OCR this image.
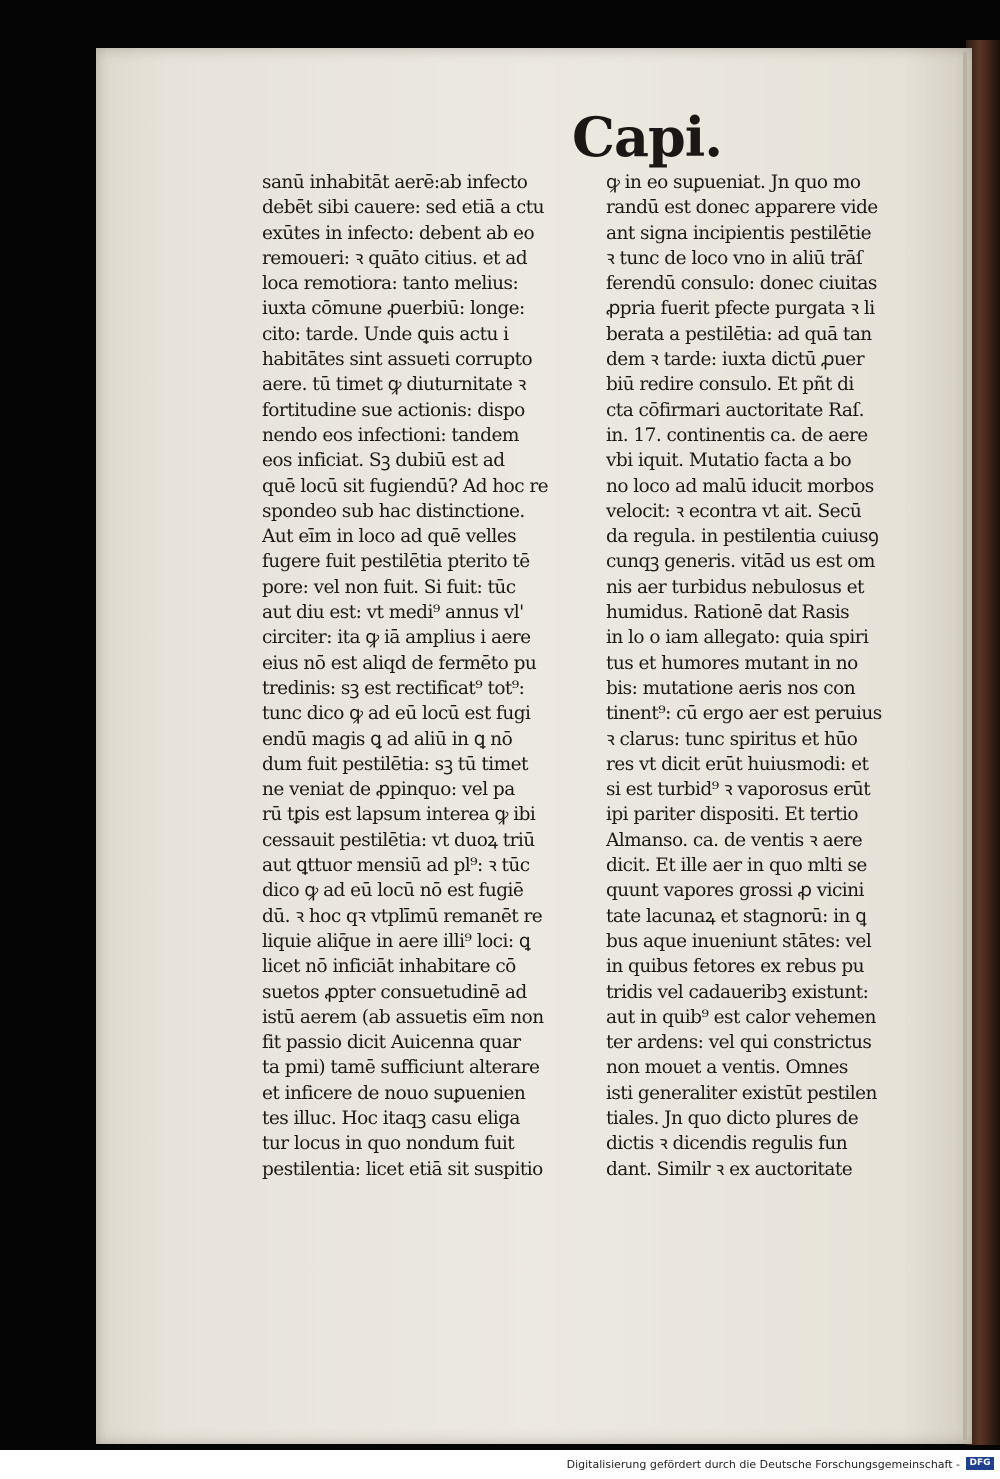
Capi.
sanū inhabitāt aerē:ab infecto
debēt sibi cauere: sed etiā a ctu
exūtes in infecto: debent ab eo
remoueri: ꝛ quāto citius. et ad
loca remotiora: tanto melius:
iuxta cōmune ꝓuerbiū: longe:
cito: tarde. Unde ꝗuis actu i
habitātes sint assueti corrupto
aere. tū timet ꝙ diuturnitate ꝛ
fortitudine sue actionis: dispo
nendo eos infectioni: tandem
eos inficiat. Sꝫ dubiū est ad
quē locū sit fugiendū? Ad hoc re
spondeo sub hac distinctione.
Aut eīm in loco ad quē velles
fugere fuit pestilētia pterito tē
pore: vel non fuit. Si fuit: tūc
aut diu est: vt medi⁹ annus vl'
circiter: ita ꝙ iā amplius i aere
eius nō est aliqd de fermēto pu
tredinis: sꝫ est rectificat⁹ tot⁹:
tunc dico ꝙ ad eū locū est fugi
endū magis ꝗ ad aliū in ꝗ nō
dum fuit pestilētia: sꝫ tū timet
ne veniat de ꝓpinquo: vel pa
rū tꝑis est lapsum interea ꝙ ibi
cessauit pestilētia: vt duoꝝ triū
aut ꝗttuor mensiū ad pl⁹: ꝛ tūc
dico ꝙ ad eū locū nō est fugiē
dū. ꝛ hoc qꝛ vtplīmū remanēt re
liquie aliq̄ue in aere illi⁹ loci: ꝗ
licet nō inficiāt inhabitare cō
suetos ꝓpter consuetudinē ad
istū aerem (ab assuetis eīm non
fit passio dicit Auicenna quar
ta pmi) tamē sufficiunt alterare
et inficere de nouo suꝑuenien
tes illuc. Hoc itaqꝫ casu eliga
tur locus in quo nondum fuit
pestilentia: licet etiā sit suspitio
ꝙ in eo suꝑueniat. Jn quo mo
randū est donec apparere vide
ant signa incipientis pestilētie
ꝛ tunc de loco vno in aliū trāſ
ferendū consulo: donec ciuitas
ꝓpria fuerit pfecte purgata ꝛ li
berata a pestilētia: ad quā tan
dem ꝛ tarde: iuxta dictū ꝓuer
biū redire consulo. Et pñt di
cta cōfirmari auctoritate Raſ.
in. 17. continentis ca. de aere
vbi iquit. Mutatio facta a bo
no loco ad malū iducit morbos
velocit: ꝛ econtra vt ait. Secū
da regula. in pestilentia cuiusꝯ
cunqꝫ generis. vitād us est om
nis aer turbidus nebulosus et
humidus. Rationē dat Rasis
in lo o iam allegato: quia spiri
tus et humores mutant in no
bis: mutatione aeris nos con
tinent⁹: cū ergo aer est peruius
ꝛ clarus: tunc spiritus et hūo
res vt dicit erūt huiusmodi: et
si est turbid⁹ ꝛ vaporosus erūt
ipi pariter dispositi. Et tertio
Almanso. ca. de ventis ꝛ aere
dicit. Et ille aer in quo mlti se
quunt vapores grossi ꝓ vicini
tate lacunaꝝ et stagnorū: in ꝗ
bus aque inueniunt stātes: vel
in quibus fetores ex rebus pu
tridis vel cadaueribꝫ existunt:
aut in quib⁹ est calor vehemen
ter ardens: vel qui constrictus
non mouet a ventis. Omnes
isti generaliter existūt pestilen
tiales. Jn quo dicto plures de
dictis ꝛ dicendis regulis fun
dant. Similr ꝛ ex auctoritate
Digitalisierung gefördert durch die Deutsche Forschungsgemeinschaft -	DFG
